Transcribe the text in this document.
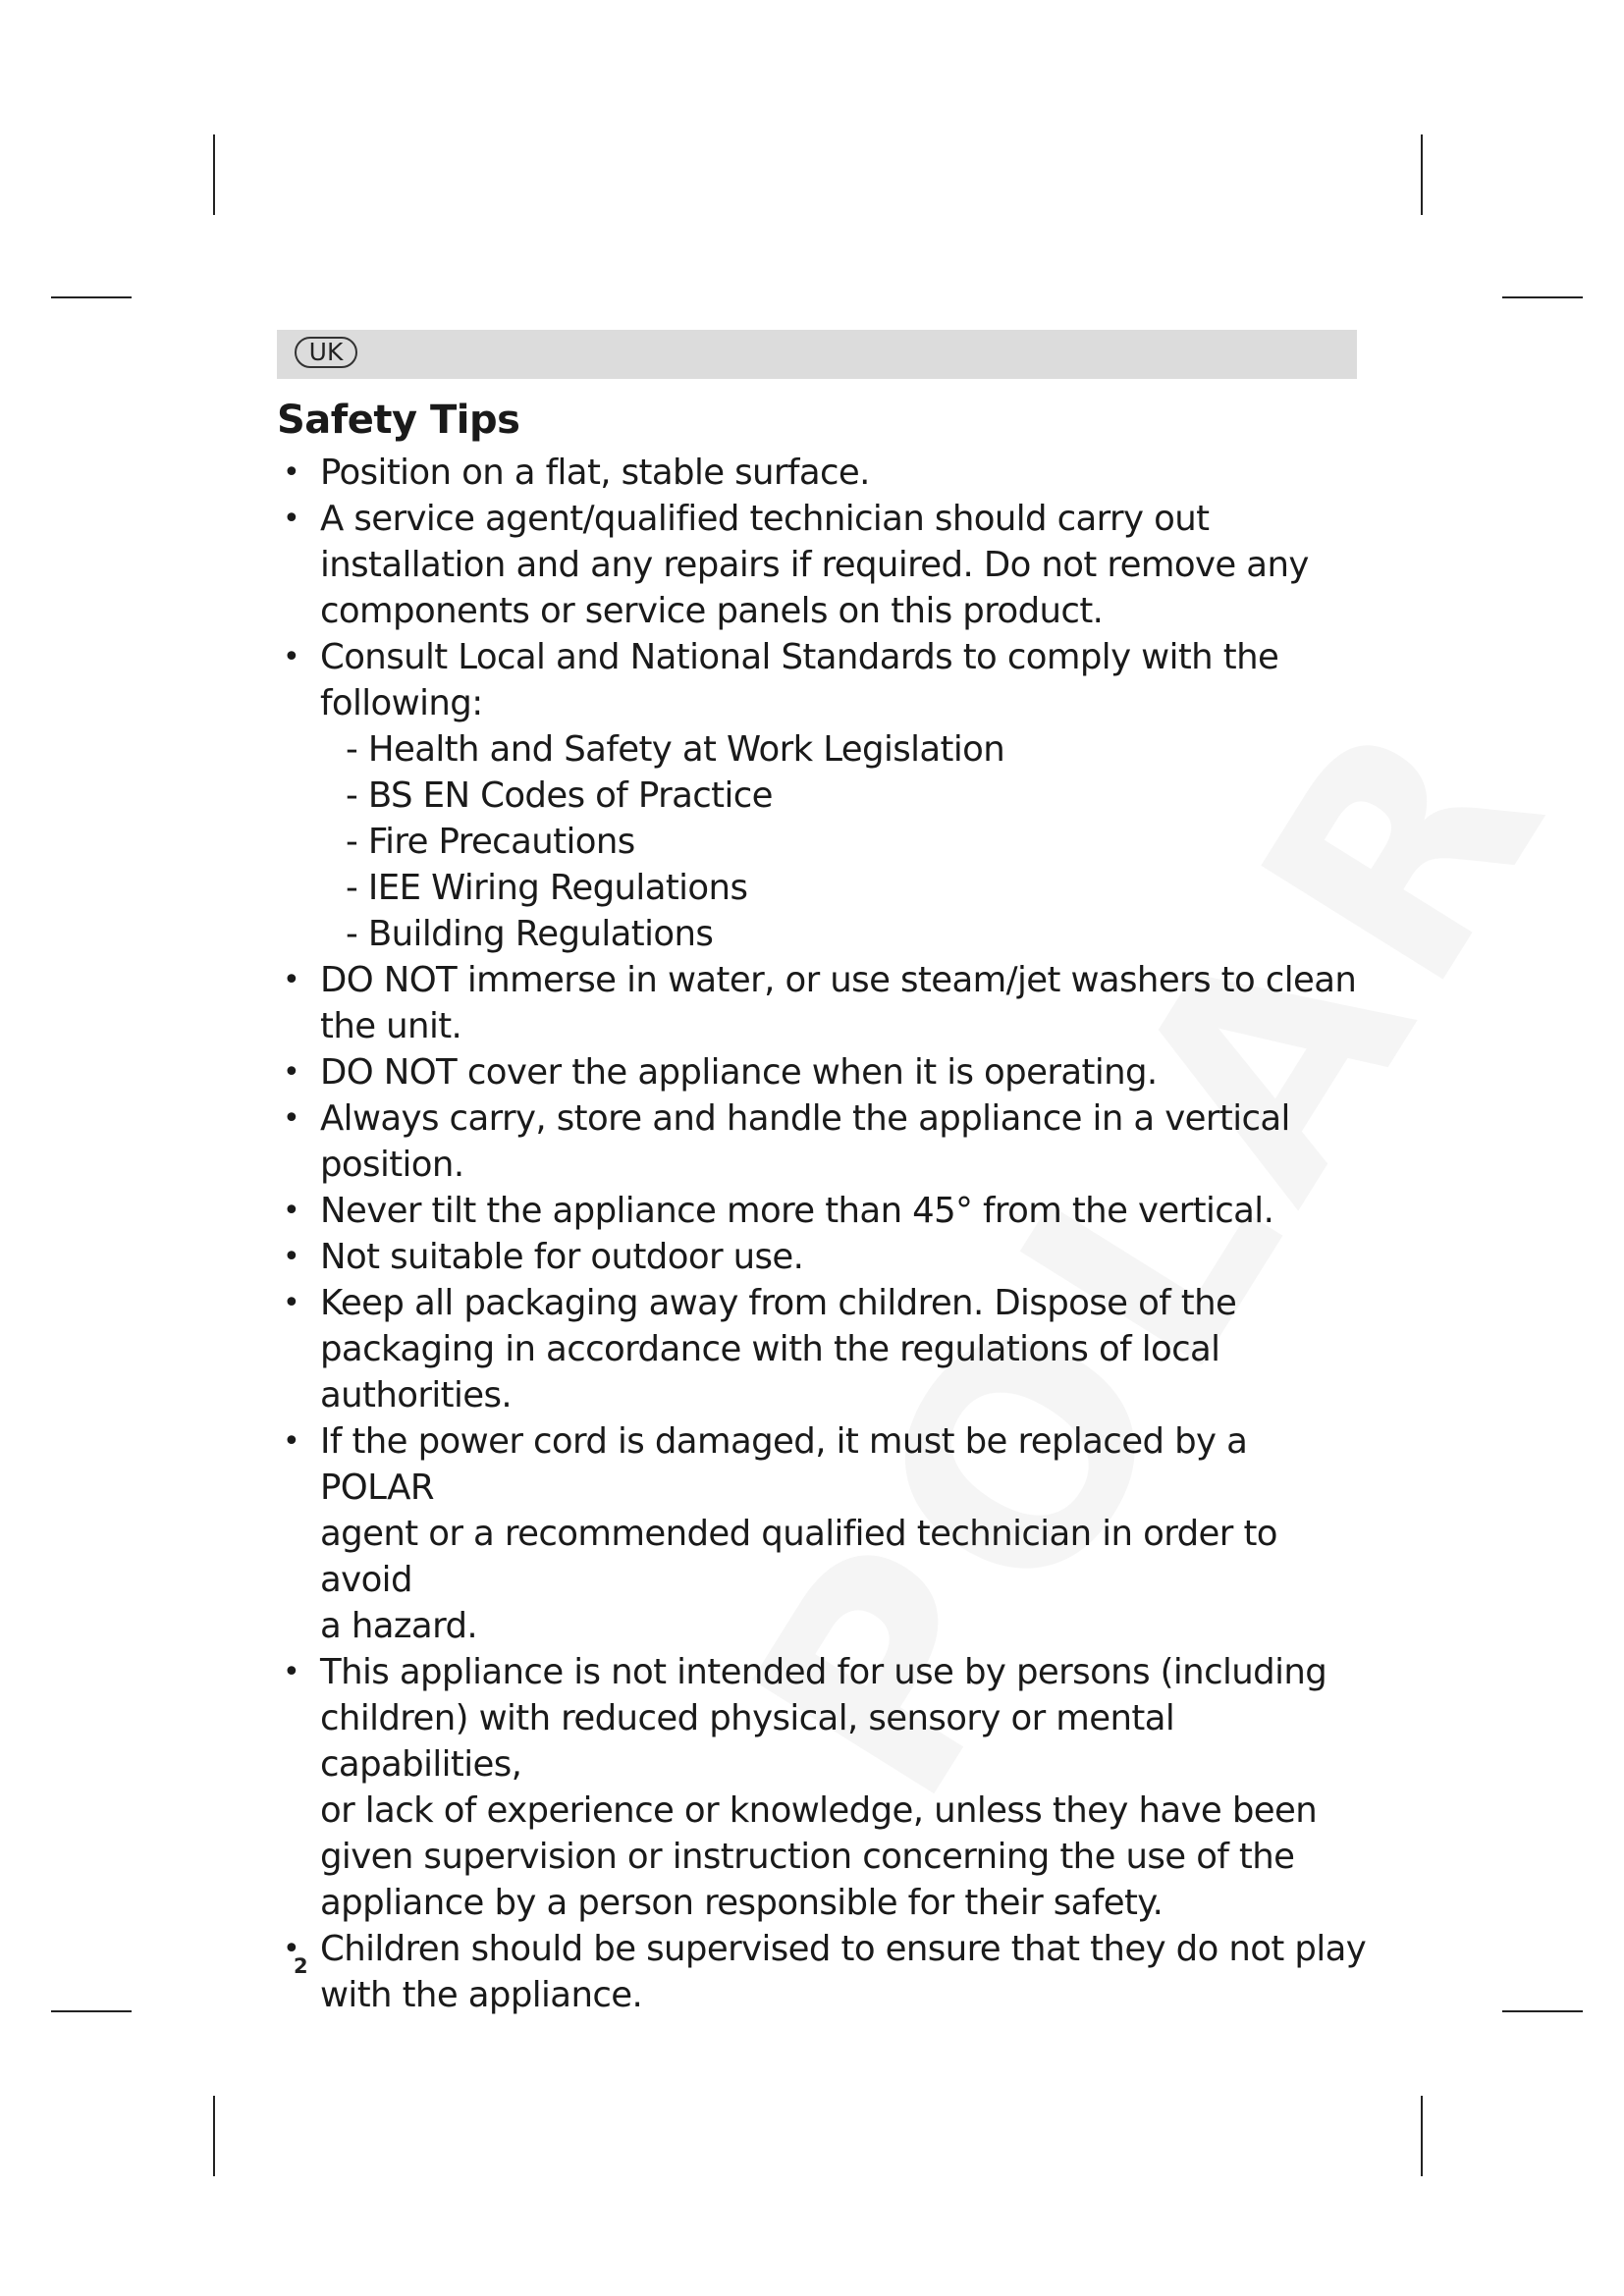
UK
Safety Tips
• Position on a flat, stable surface.
• A service agent/qualified technician should carry out
installation and any repairs if required. Do not remove any
components or service panels on this product.
• Consult Local and National Standards to comply with the
following:
- Health and Safety at Work Legislation
- BS EN Codes of Practice
- Fire Precautions
- IEE Wiring Regulations
- Building Regulations
• DO NOT immerse in water, or use steam/jet washers to clean
the unit.
• DO NOT cover the appliance when it is operating.
• Always carry, store and handle the appliance in a vertical
position.
• Never tilt the appliance more than 45° from the vertical.
• Not suitable for outdoor use.
• Keep all packaging away from children. Dispose of the
packaging in accordance with the regulations of local
authorities.
• If the power cord is damaged, it must be replaced by a POLAR
agent or a recommended qualified technician in order to avoid
a hazard.
• This appliance is not intended for use by persons (including
children) with reduced physical, sensory or mental capabilities,
or lack of experience or knowledge, unless they have been
given supervision or instruction concerning the use of the
appliance by a person responsible for their safety.
• Children should be supervised to ensure that they do not play
with the appliance.
2
